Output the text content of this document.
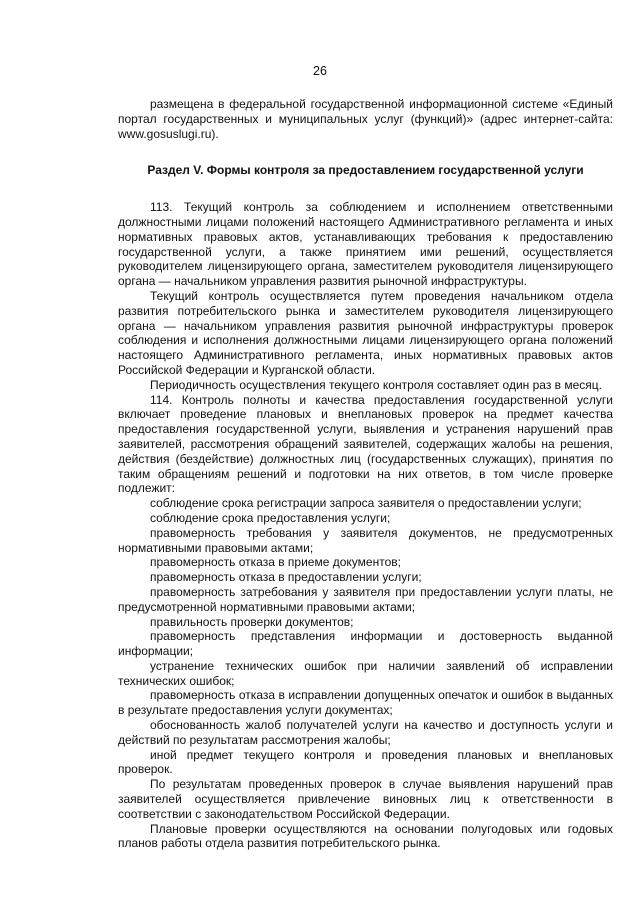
26

размещена в федеральной государственной информационной системе «Единый портал государственных и муниципальных услуг (функций)» (адрес интернет-сайта: www.gosuslugi.ru).

Раздел V. Формы контроля за предоставлением государственной услуги

113. Текущий контроль за соблюдением и исполнением ответственными должностными лицами положений настоящего Административного регламента и иных нормативных правовых актов, устанавливающих требования к предоставлению государственной услуги, а также принятием ими решений, осуществляется руководителем лицензирующего органа, заместителем руководителя лицензирующего органа — начальником управления развития рыночной инфраструктуры.

Текущий контроль осуществляется путем проведения начальником отдела развития потребительского рынка и заместителем руководителя лицензирующего органа — начальником управления развития рыночной инфраструктуры проверок соблюдения и исполнения должностными лицами лицензирующего органа положений настоящего Административного регламента, иных нормативных правовых актов Российской Федерации и Курганской области.

Периодичность осуществления текущего контроля составляет один раз в месяц.

114. Контроль полноты и качества предоставления государственной услуги включает проведение плановых и внеплановых проверок на предмет качества предоставления государственной услуги, выявления и устранения нарушений прав заявителей, рассмотрения обращений заявителей, содержащих жалобы на решения, действия (бездействие) должностных лиц (государственных служащих), принятия по таким обращениям решений и подготовки на них ответов, в том числе проверке подлежит:

соблюдение срока регистрации запроса заявителя о предоставлении услуги;

соблюдение срока предоставления услуги;

правомерность требования у заявителя документов, не предусмотренных нормативными правовыми актами;

правомерность отказа в приеме документов;

правомерность отказа в предоставлении услуги;

правомерность затребования у заявителя при предоставлении услуги платы, не предусмотренной нормативными правовыми актами;

правильность проверки документов;

правомерность представления информации и достоверность выданной информации;

устранение технических ошибок при наличии заявлений об исправлении технических ошибок;

правомерность отказа в исправлении допущенных опечаток и ошибок в выданных в результате предоставления услуги документах;

обоснованность жалоб получателей услуги на качество и доступность услуги и действий по результатам рассмотрения жалобы;

иной предмет текущего контроля и проведения плановых и внеплановых проверок.

По результатам проведенных проверок в случае выявления нарушений прав заявителей осуществляется привлечение виновных лиц к ответственности в соответствии с законодательством Российской Федерации.

Плановые проверки осуществляются на основании полугодовых или годовых планов работы отдела развития потребительского рынка.
